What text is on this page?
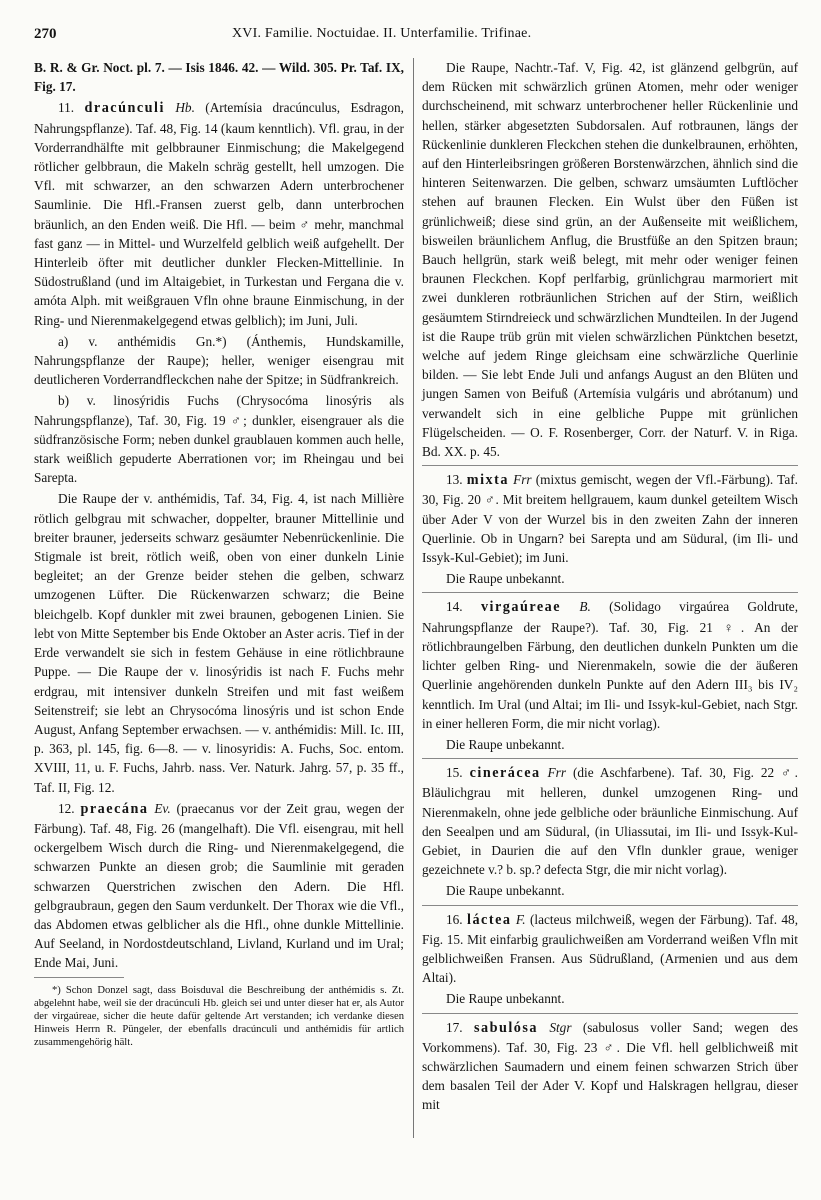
270	XVI. Familie. Noctuidae. II. Unterfamilie. Trifinae.

B. R. & Gr. Noct. pl. 7. — Isis 1846. 42. — Wild. 305. Pr. Taf. IX, Fig. 17.

11. dracúnculi Hb. (Artemísia dracúnculus, Esdragon, Nahrungspflanze). Taf. 48, Fig. 14 (kaum kenntlich). Vfl. grau, in der Vorderrandhälfte mit gelbbrauner Einmischung; die Makelgegend rötlicher gelbbraun, die Makeln schräg gestellt, hell umzogen. Die Vfl. mit schwarzer, an den schwarzen Adern unterbrochener Saumlinie. Die Hfl.-Fransen zuerst gelb, dann unterbrochen bräunlich, an den Enden weiß. Die Hfl. — beim ♂ mehr, manchmal fast ganz — in Mittel- und Wurzelfeld gelblich weiß aufgehellt. Der Hinterleib öfter mit deutlicher dunkler Flecken-Mittellinie. In Südostrußland (und im Altaigebiet, in Turkestan und Fergana die v. amóta Alph. mit weißgrauen Vfln ohne braune Einmischung, in der Ring- und Nierenmakelgegend etwas gelblich); im Juni, Juli.

a) v. anthémidis Gn.*) (Ánthemis, Hundskamille, Nahrungspflanze der Raupe); heller, weniger eisengrau mit deutlicheren Vorderrandfleckchen nahe der Spitze; in Südfrankreich.

b) v. linosýridis Fuchs (Chrysocóma linosýris als Nahrungspflanze), Taf. 30, Fig. 19 ♂; dunkler, eisengrauer als die südfranzösische Form; neben dunkel graublauen kommen auch helle, stark weißlich gepuderte Aberrationen vor; im Rheingau und bei Sarepta.

Die Raupe der v. anthémidis, Taf. 34, Fig. 4, ist nach Millière rötlich gelbgrau mit schwacher, doppelter, brauner Mittellinie und breiter brauner, jederseits schwarz gesäumter Nebenrückenlinie. Die Stigmale ist breit, rötlich weiß, oben von einer dunkeln Linie begleitet; an der Grenze beider stehen die gelben, schwarz umzogenen Lüfter. Die Rückenwarzen schwarz; die Beine bleichgelb. Kopf dunkler mit zwei braunen, gebogenen Linien. Sie lebt von Mitte September bis Ende Oktober an Aster acris. Tief in der Erde verwandelt sie sich in festem Gehäuse in eine rötlichbraune Puppe. — Die Raupe der v. linosýridis ist nach F. Fuchs mehr erdgrau, mit intensiver dunkeln Streifen und mit fast weißem Seitenstreif; sie lebt an Chrysocóma linosýris und ist schon Ende August, Anfang September erwachsen. — v. anthémidis: Mill. Ic. III, p. 363, pl. 145, fig. 6—8. — v. linosyridis: A. Fuchs, Soc. entom. XVIII, 11, u. F. Fuchs, Jahrb. nass. Ver. Naturk. Jahrg. 57, p. 35 ff., Taf. II, Fig. 12.

12. praecána Ev. (praecanus vor der Zeit grau, wegen der Färbung). Taf. 48, Fig. 26 (mangelhaft). Die Vfl. eisengrau, mit hell ockergelbem Wisch durch die Ring- und Nierenmakelgegend, die schwarzen Punkte an diesen grob; die Saumlinie mit geraden schwarzen Querstrichen zwischen den Adern. Die Hfl. gelbgraubraun, gegen den Saum verdunkelt. Der Thorax wie die Vfl., das Abdomen etwas gelblicher als die Hfl., ohne dunkle Mittellinie. Auf Seeland, in Nordostdeutschland, Livland, Kurland und im Ural; Ende Mai, Juni.

*) Schon Donzel sagt, dass Boisduval die Beschreibung der anthémidis s. Zt. abgelehnt habe, weil sie der dracúnculi Hb. gleich sei und unter dieser hat er, als Autor der virgaúreae, sicher die heute dafür geltende Art verstanden; ich verdanke diesen Hinweis Herrn R. Püngeler, der ebenfalls dracúnculi und anthémidis für artlich zusammengehörig hält.

Die Raupe, Nachtr.-Taf. V, Fig. 42, ist glänzend gelbgrün, auf dem Rücken mit schwärzlich grünen Atomen, mehr oder weniger durchscheinend, mit schwarz unterbrochener heller Rückenlinie und hellen, stärker abgesetzten Subdorsalen. Auf rotbraunen, längs der Rückenlinie dunkleren Fleckchen stehen die dunkelbraunen, erhöhten, auf den Hinterleibsringen größeren Borstenwärzchen, ähnlich sind die hinteren Seitenwarzen. Die gelben, schwarz umsäumten Luftlöcher stehen auf braunen Flecken. Ein Wulst über den Füßen ist grünlichweiß; diese sind grün, an der Außenseite mit weißlichem, bisweilen bräunlichem Anflug, die Brustfüße an den Spitzen braun; Bauch hellgrün, stark weiß belegt, mit mehr oder weniger feinen braunen Fleckchen. Kopf perlfarbig, grünlichgrau marmoriert mit zwei dunkleren rotbräunlichen Strichen auf der Stirn, weißlich gesäumtem Stirndreieck und schwärzlichen Mundteilen. In der Jugend ist die Raupe trüb grün mit vielen schwärzlichen Pünktchen besetzt, welche auf jedem Ringe gleichsam eine schwärzliche Querlinie bilden. — Sie lebt Ende Juli und anfangs August an den Blüten und jungen Samen von Beifuß (Artemísia vulgáris und abrótanum) und verwandelt sich in eine gelbliche Puppe mit grünlichen Flügelscheiden. — O. F. Rosenberger, Corr. der Naturf. V. in Riga. Bd. XX. p. 45.

13. mixta Frr (mixtus gemischt, wegen der Vfl.-Färbung). Taf. 30, Fig. 20 ♂. Mit breitem hellgrauem, kaum dunkel geteiltem Wisch über Ader V von der Wurzel bis in den zweiten Zahn der inneren Querlinie. Ob in Ungarn? bei Sarepta und am Südural, (im Ili- und Issyk-Kul-Gebiet); im Juni.

Die Raupe unbekannt.

14. virgaúreae B. (Solidago virgaúrea Goldrute, Nahrungspflanze der Raupe?). Taf. 30, Fig. 21 ♀. An der rötlichbraungelben Färbung, den deutlichen dunkeln Punkten um die lichter gelben Ring- und Nierenmakeln, sowie die der äußeren Querlinie angehörenden dunkeln Punkte auf den Adern III₃ bis IV₂ kenntlich. Im Ural (und Altai; im Ili- und Issyk-kul-Gebiet, nach Stgr. in einer helleren Form, die mir nicht vorlag).

Die Raupe unbekannt.

15. cinerácea Frr (die Aschfarbene). Taf. 30, Fig. 22 ♂. Bläulichgrau mit helleren, dunkel umzogenen Ring- und Nierenmakeln, ohne jede gelbliche oder bräunliche Einmischung. Auf den Seealpen und am Südural, (in Uliassutai, im Ili- und Issyk-Kul-Gebiet, in Daurien die auf den Vfln dunkler graue, weniger gezeichnete v.? b. sp.? defecta Stgr, die mir nicht vorlag).

Die Raupe unbekannt.

16. láctea F. (lacteus milchweiß, wegen der Färbung). Taf. 48, Fig. 15. Mit einfarbig graulichweißen am Vorderrand weißen Vfln mit gelblichweißen Fransen. Aus Südrußland, (Armenien und aus dem Altai).

Die Raupe unbekannt.

17. sabulósa Stgr (sabulosus voller Sand; wegen des Vorkommens). Taf. 30, Fig. 23 ♂. Die Vfl. hell gelblichweiß mit schwärzlichen Saumadern und einem feinen schwarzen Strich über dem basalen Teil der Ader V. Kopf und Halskragen hellgrau, dieser mit
